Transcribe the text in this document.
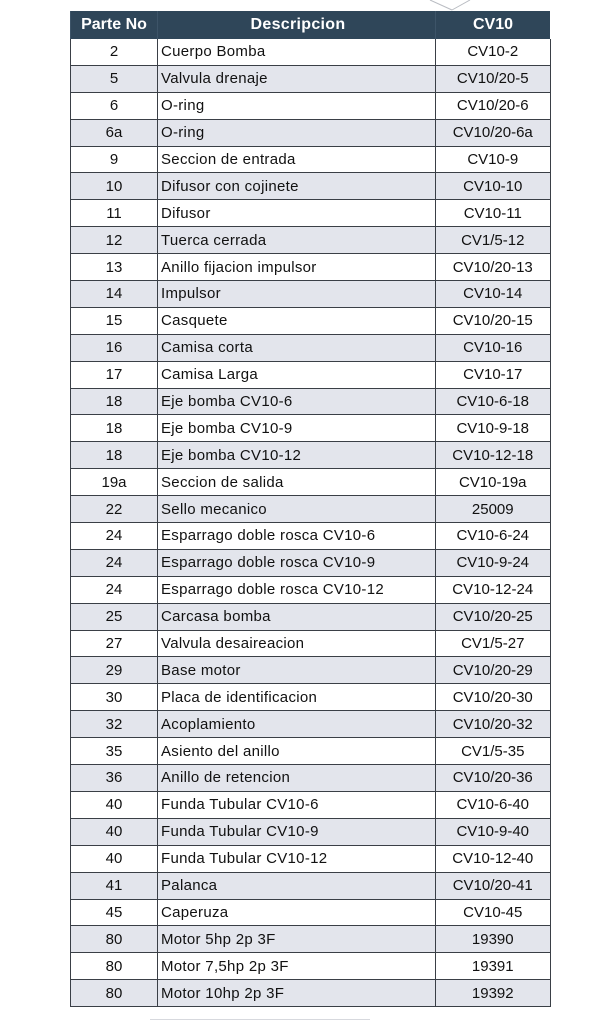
Parte No	Descripcion	CV10
2	Cuerpo Bomba	CV10-2
5	Valvula drenaje	CV10/20-5
6	O-ring	CV10/20-6
6a	O-ring	CV10/20-6a
9	Seccion de entrada	CV10-9
10	Difusor con cojinete	CV10-10
11	Difusor	CV10-11
12	Tuerca cerrada	CV1/5-12
13	Anillo fijacion impulsor	CV10/20-13
14	Impulsor	CV10-14
15	Casquete	CV10/20-15
16	Camisa corta	CV10-16
17	Camisa Larga	CV10-17
18	Eje bomba CV10-6	CV10-6-18
18	Eje bomba CV10-9	CV10-9-18
18	Eje bomba CV10-12	CV10-12-18
19a	Seccion de salida	CV10-19a
22	Sello mecanico	25009
24	Esparrago doble rosca CV10-6	CV10-6-24
24	Esparrago doble rosca CV10-9	CV10-9-24
24	Esparrago doble rosca CV10-12	CV10-12-24
25	Carcasa bomba	CV10/20-25
27	Valvula desaireacion	CV1/5-27
29	Base motor	CV10/20-29
30	Placa de identificacion	CV10/20-30
32	Acoplamiento	CV10/20-32
35	Asiento del anillo	CV1/5-35
36	Anillo de retencion	CV10/20-36
40	Funda Tubular CV10-6	CV10-6-40
40	Funda Tubular CV10-9	CV10-9-40
40	Funda Tubular CV10-12	CV10-12-40
41	Palanca	CV10/20-41
45	Caperuza	CV10-45
80	Motor 5hp 2p 3F	19390
80	Motor 7,5hp 2p 3F	19391
80	Motor 10hp 2p 3F	19392
